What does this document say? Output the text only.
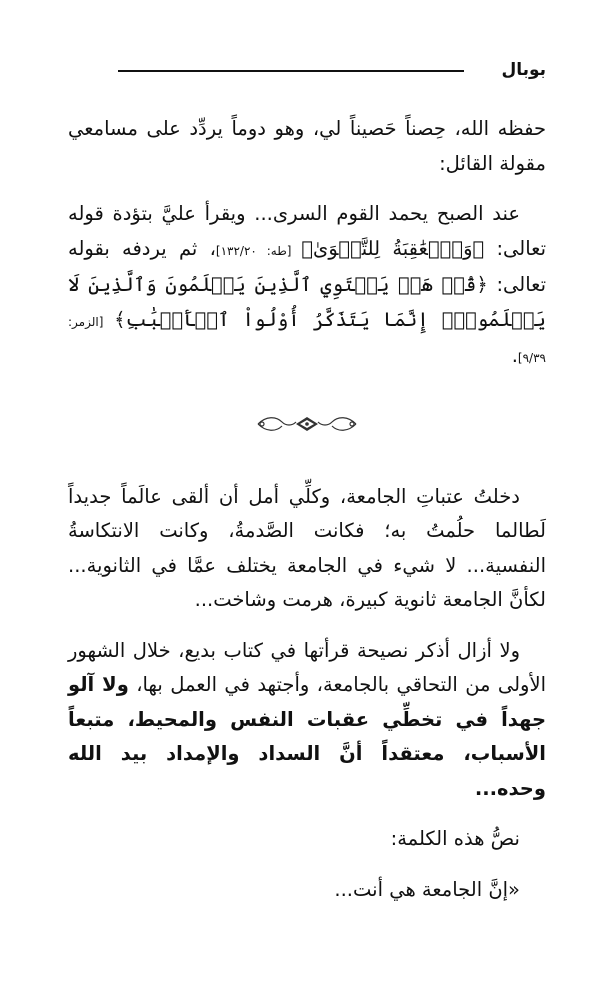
بوبال

حفظه الله، حِصناً حَصيناً لي، وهو دوماً يردِّد على مسامعي مقولة القائل:

عند الصبح يحمد القوم السرى... ويقرأ عليَّ بتؤدة قوله تعالى: ﴿وَٱلۡعَٰقِبَةُ لِلتَّقۡوَىٰ﴾ [طه: ١٣٢/٢٠]، ثم يردفه بقوله تعالى: ﴿قُلۡ هَلۡ يَسۡتَوِي ٱلَّذِينَ يَعۡلَمُونَ وَٱلَّذِينَ لَا يَعۡلَمُونَۗ إِنَّمَا يَتَذَكَّرُ أُوْلُواْ ٱلۡأَلۡبَٰبِ﴾ [الزمر: ٩/٣٩].

دخلتُ عتباتِ الجامعة، وكلِّي أمل أن ألقى عالَماً جديداً لَطالما حلُمتُ به؛ فكانت الصَّدمةُ، وكانت الانتكاسةُ النفسية... لا شيء في الجامعة يختلف عمَّا في الثانوية... لكأنَّ الجامعة ثانوية كبيرة، هرمت وشاخت...

ولا أزال أذكر نصيحة قرأتها في كتاب بديع، خلال الشهور الأولى من التحاقي بالجامعة، وأجتهد في العمل بها، ولا آلو جهداً في تخطِّي عقبات النفس والمحيط، متبعاً الأسباب، معتقداً أنَّ السداد والإمداد بيد الله وحده...

نصُّ هذه الكلمة:

«إنَّ الجامعة هي أنت...
